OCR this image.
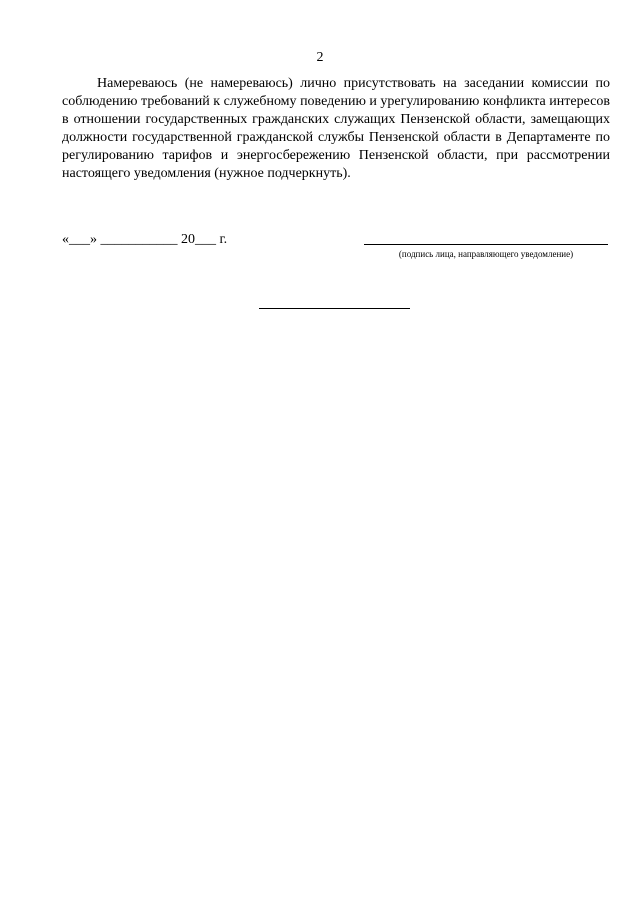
2

Намереваюсь (не намереваюсь) лично присутствовать на заседании комиссии по соблюдению требований к служебному поведению и урегулированию конфликта интересов в отношении государственных гражданских служащих Пензенской области, замещающих должности государственной гражданской службы Пензенской области в Департаменте по регулированию тарифов и энергосбережению Пензенской области, при рассмотрении настоящего уведомления (нужное подчеркнуть).

«___» ___________ 20___ г.
(подпись лица, направляющего уведомление)
